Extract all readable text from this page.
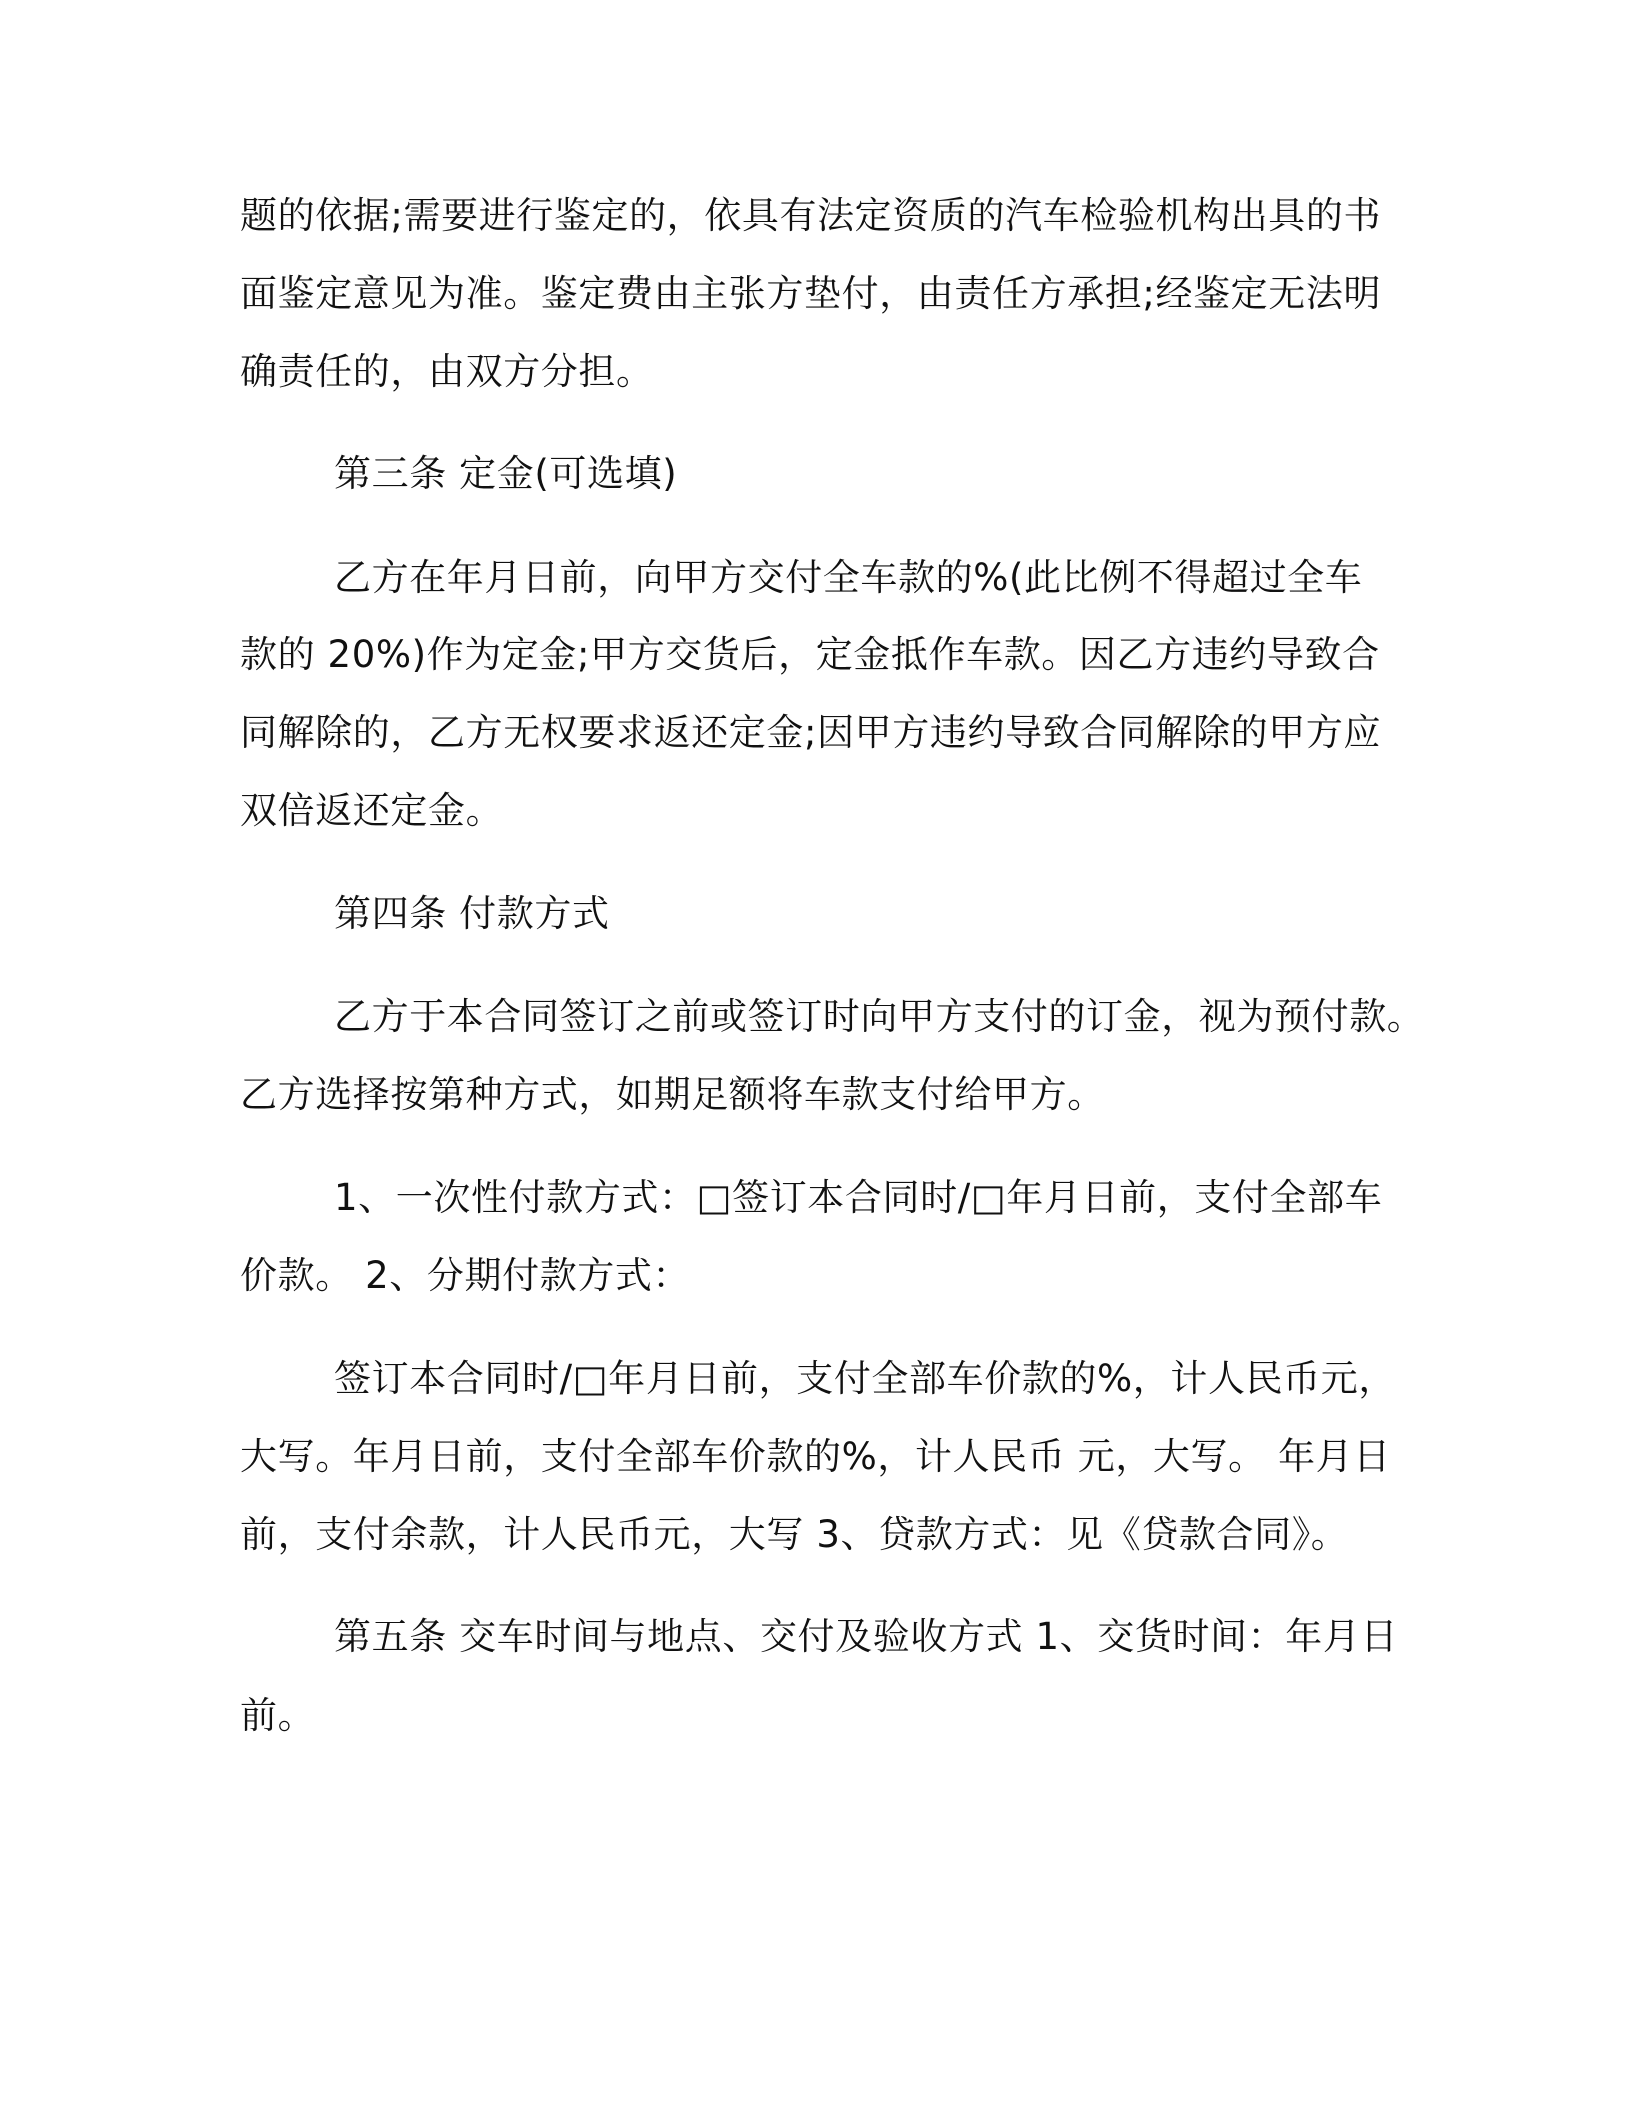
题的依据;需要进行鉴定的，依具有法定资质的汽车检验机构出具的书
面鉴定意见为准。鉴定费由主张方垫付，由责任方承担;经鉴定无法明
确责任的，由双方分担。
第三条 定金(可选填)
乙方在年月日前，向甲方交付全车款的%(此比例不得超过全车
款的 20%)作为定金;甲方交货后，定金抵作车款。因乙方违约导致合
同解除的，乙方无权要求返还定金;因甲方违约导致合同解除的甲方应
双倍返还定金。
第四条 付款方式
乙方于本合同签订之前或签订时向甲方支付的订金，视为预付款。
乙方选择按第种方式，如期足额将车款支付给甲方。
1、一次性付款方式：□签订本合同时/□年月日前，支付全部车
价款。 2、分期付款方式：
签订本合同时/□年月日前，支付全部车价款的%，计人民币元，
大写。年月日前，支付全部车价款的%，计人民币 元，大写。 年月日
前，支付余款，计人民币元，大写 3、贷款方式：见《贷款合同》。
第五条 交车时间与地点、交付及验收方式 1、交货时间：年月日
前。
